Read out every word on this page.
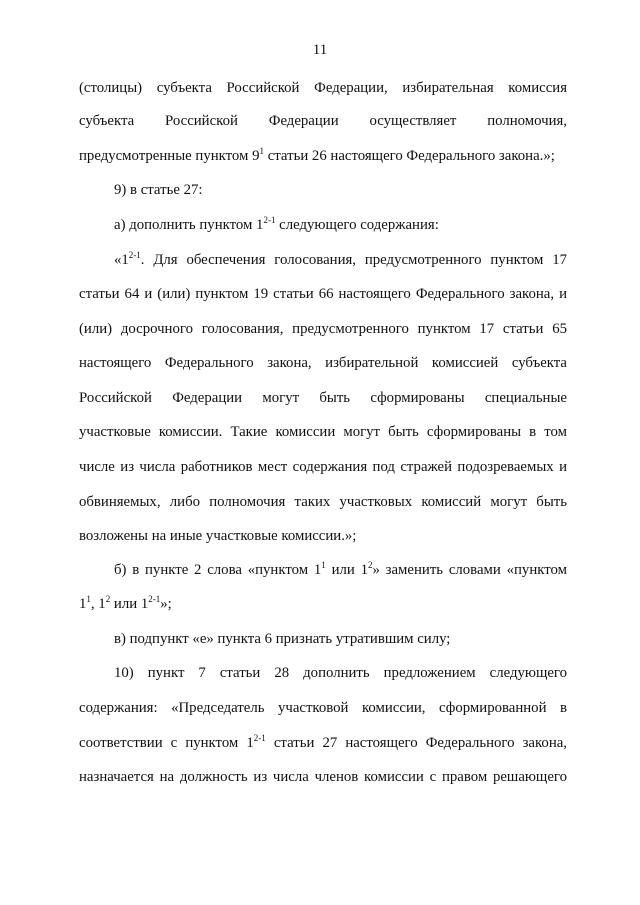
11
(столицы) субъекта Российской Федерации, избирательная комиссия
субъекта Российской Федерации осуществляет полномочия,
предусмотренные пунктом $9^1$ статьи 26 настоящего Федерального закона.»;
9) в статье 27:
а) дополнить пунктом 1$^{2-1}$ следующего содержания:
«1$^{2-1}$. Для обеспечения голосования, предусмотренного пунктом 17
статьи 64 и (или) пунктом 19 статьи 66 настоящего Федерального закона, и
(или) досрочного голосования, предусмотренного пунктом 17 статьи 65
настоящего Федерального закона, избирательной комиссией субъекта
Российской Федерации могут быть сформированы специальные
участковые комиссии. Такие комиссии могут быть сформированы в том
числе из числа работников мест содержания под стражей подозреваемых и
обвиняемых, либо полномочия таких участковых комиссий могут быть
возложены на иные участковые комиссии.»;
б) в пункте 2 слова «пунктом $1^1$ или $1^2$» заменить словами «пунктом
$1^1$, $1^2$ или 1$^{2-1}$»;
в) подпункт «е» пункта 6 признать утратившим силу;
10) пункт 7 статьи 28 дополнить предложением следующего
содержания: «Председатель участковой комиссии, сформированной в
соответствии с пунктом 1$^{2-1}$ статьи 27 настоящего Федерального закона,
назначается на должность из числа членов комиссии с правом решающего
